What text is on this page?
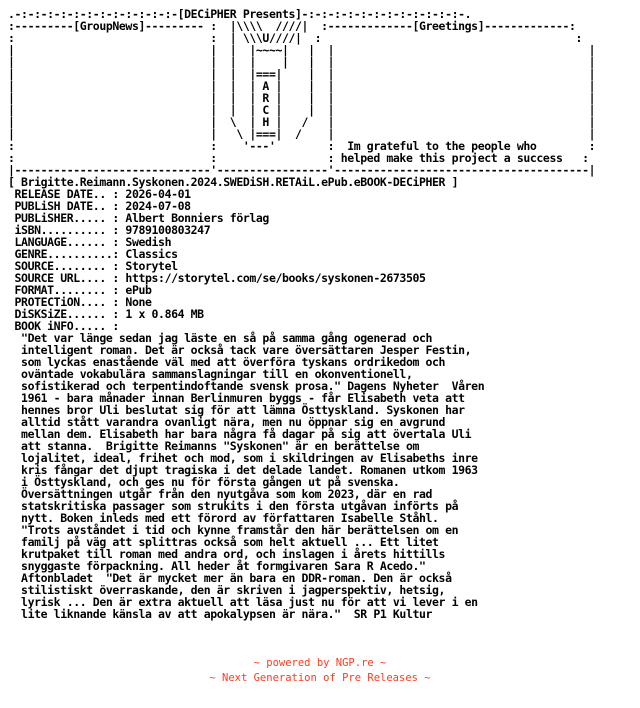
.-:-:-:-:-:-:-:-:-:-:-:-:-[DECiPHER Presents]-:-:-:-:-:-:-:-:-:-:-:-:-.
:---------[GroupNews]--------- :  |\\\\  ////|  :-------------[Greetings]-------------:
:                              :  | \\\U////|  :                                       :
|                              |  |  |~~~~|   |  |                                       |
|                              |  |  |    |   |  |                                       |
|                              |  |  |===|    |  |                                       |
|                              |  |  | A |    |  |                                       |
|                              |  |  | R |    |  |                                       |
|                              |  |  | C |    |  |                                       |
|                              |  \  | H |   /   |                                       |
|                              |   \ |===|  /    |                                       |
:                              :    '---'        :  Im grateful to the people who        :
:                              :                 : helped make this project a success   :
|------------------------------'-----------------'---------------------------------------|
[ Brigitte.Reimann.Syskonen.2024.SWEDiSH.RETAiL.ePub.eBOOK-DECiPHER ]
RELEASE DATE.. : 2026-04-01
PUBLiSH DATE.. : 2024-07-08
PUBLiSHER..... : Albert Bonniers förlag
iSBN.......... : 9789100803247
LANGUAGE...... : Swedish
GENRE..........: Classics
SOURCE........ : Storytel
SOURCE URL.... : https://storytel.com/se/books/syskonen-2673505
FORMAT........ : ePub
PROTECTiON.... : None
DiSKSiZE...... : 1 x 0.864 MB
BOOK iNFO..... :
"Det var länge sedan jag läste en så på samma gång ogenerad och
intelligent roman. Det är också tack vare översättaren Jesper Festin,
som lyckas enastående väl med att överföra tyskans ordrikedom och
oväntade vokabulära sammanslagningar till en okonventionell,
sofistikerad och terpentindoftande svensk prosa." Dagens Nyheter  Våren
1961 - bara månader innan Berlinmuren byggs - får Elisabeth veta att
hennes bror Uli beslutat sig för att lämna Östtyskland. Syskonen har
alltid stått varandra ovanligt nära, men nu öppnar sig en avgrund
mellan dem. Elisabeth har bara några få dagar på sig att övertala Uli
att stanna.  Brigitte Reimanns "Syskonen" är en berättelse om
lojalitet, ideal, frihet och mod, som i skildringen av Elisabeths inre
kris fångar det djupt tragiska i det delade landet. Romanen utkom 1963
i Östtyskland, och ges nu för första gången ut på svenska.
Översättningen utgår från den nyutgåva som kom 2023, där en rad
statskritiska passager som strukits i den första utgåvan införts på
nytt. Boken inleds med ett förord av författaren Isabelle Ståhl.
"Trots avståndet i tid och kynne framstår den här berättelsen om en
familj på väg att splittras också som helt aktuell ... Ett litet
krutpaket till roman med andra ord, och inslagen i årets hittills
snyggaste förpackning. All heder åt formgivaren Sara R Acedo."
Aftonbladet  "Det är mycket mer än bara en DDR-roman. Den är också
stilistiskt överraskande, den är skriven i jagperspektiv, hetsig,
lyrisk ... Den är extra aktuell att läsa just nu för att vi lever i en
lite liknande känsla av att apokalypsen är nära."  SR P1 Kultur
~ powered by NGP.re ~
~ Next Generation of Pre Releases ~
